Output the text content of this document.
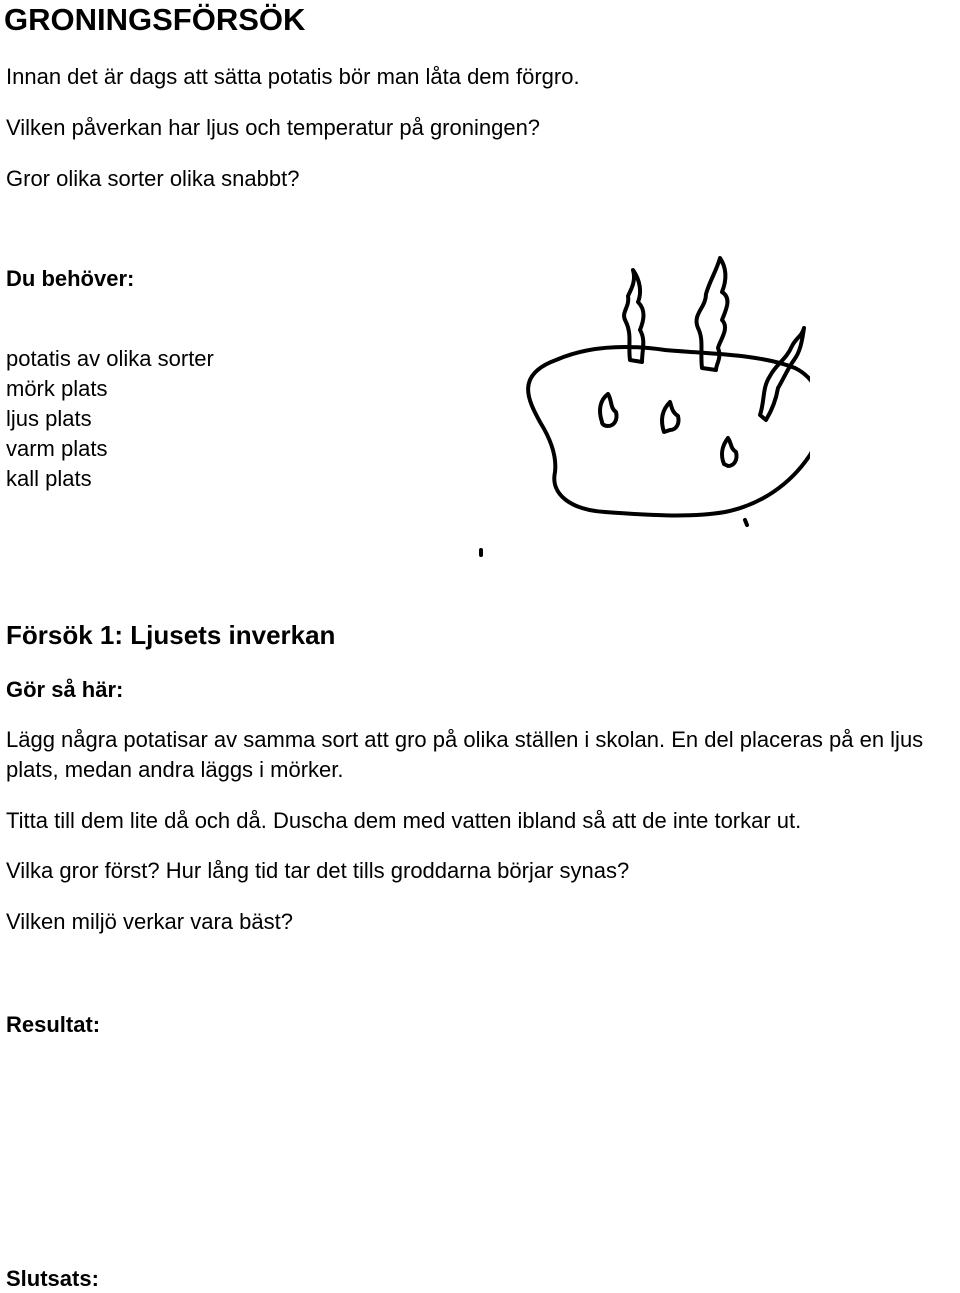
GRONINGSFÖRSÖK

Innan det är dags att sätta potatis bör man låta dem förgro.

Vilken påverkan har ljus och temperatur på groningen?

Gror olika sorter olika snabbt?

Du behöver:
potatis av olika sorter
mörk plats
ljus plats
varm plats
kall plats
Försök 1: Ljusets inverkan
Gör så här:

Lägg några potatisar av samma sort att gro på olika ställen i skolan. En del placeras på en ljus plats, medan andra läggs i mörker.

Titta till dem lite då och då. Duscha dem med vatten ibland så att de inte torkar ut.

Vilka gror först? Hur lång tid tar det tills groddarna börjar synas?

Vilken miljö verkar vara bäst?

Resultat:
Slutsats:
